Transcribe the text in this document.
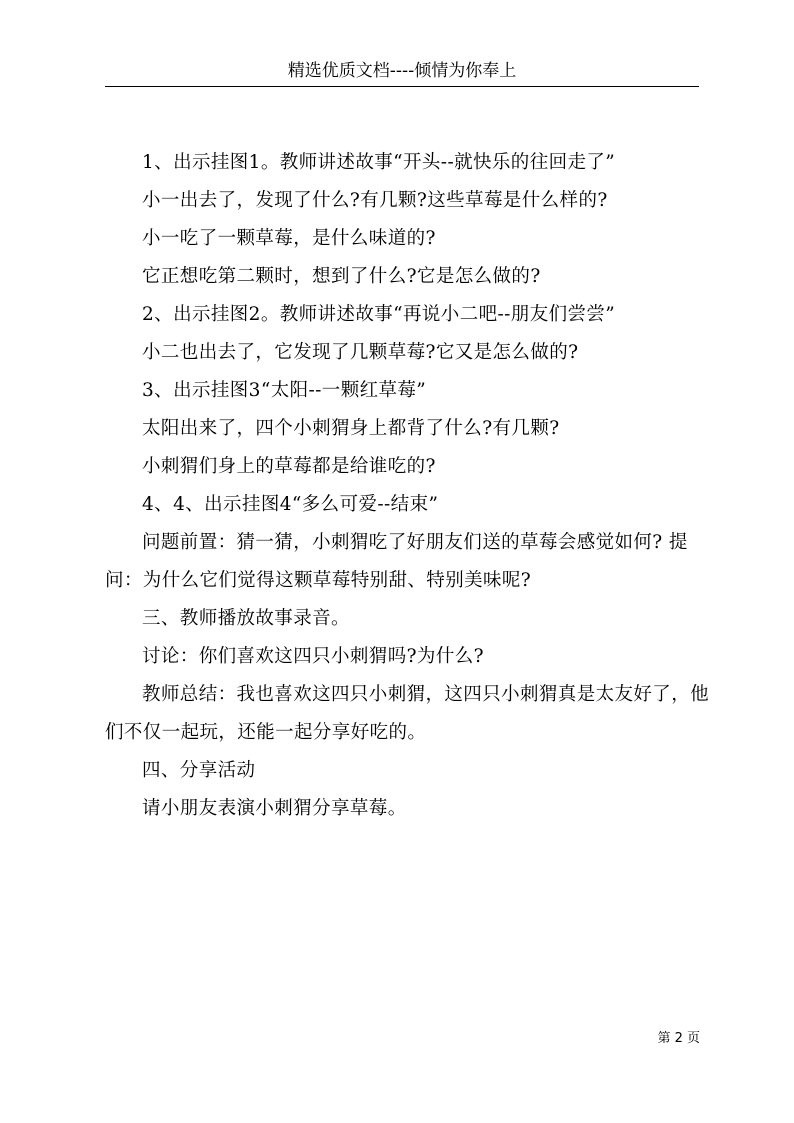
精选优质文档----倾情为你奉上

1、出示挂图1。教师讲述故事“开头--就快乐的往回走了”

小一出去了，发现了什么?有几颗?这些草莓是什么样的?

小一吃了一颗草莓，是什么味道的?

它正想吃第二颗时，想到了什么?它是怎么做的?

2、出示挂图2。教师讲述故事“再说小二吧--朋友们尝尝”

小二也出去了，它发现了几颗草莓?它又是怎么做的?

3、出示挂图3“太阳--一颗红草莓”

太阳出来了，四个小刺猬身上都背了什么?有几颗?

小刺猬们身上的草莓都是给谁吃的?

4、4、出示挂图4“多么可爱--结束”

问题前置：猜一猜，小刺猬吃了好朋友们送的草莓会感觉如何? 提问：为什么它们觉得这颗草莓特别甜、特别美味呢?

三、教师播放故事录音。

讨论：你们喜欢这四只小刺猬吗?为什么?

教师总结：我也喜欢这四只小刺猬，这四只小刺猬真是太友好了，他们不仅一起玩，还能一起分享好吃的。

四、分享活动

请小朋友表演小刺猬分享草莓。

第 2 页
